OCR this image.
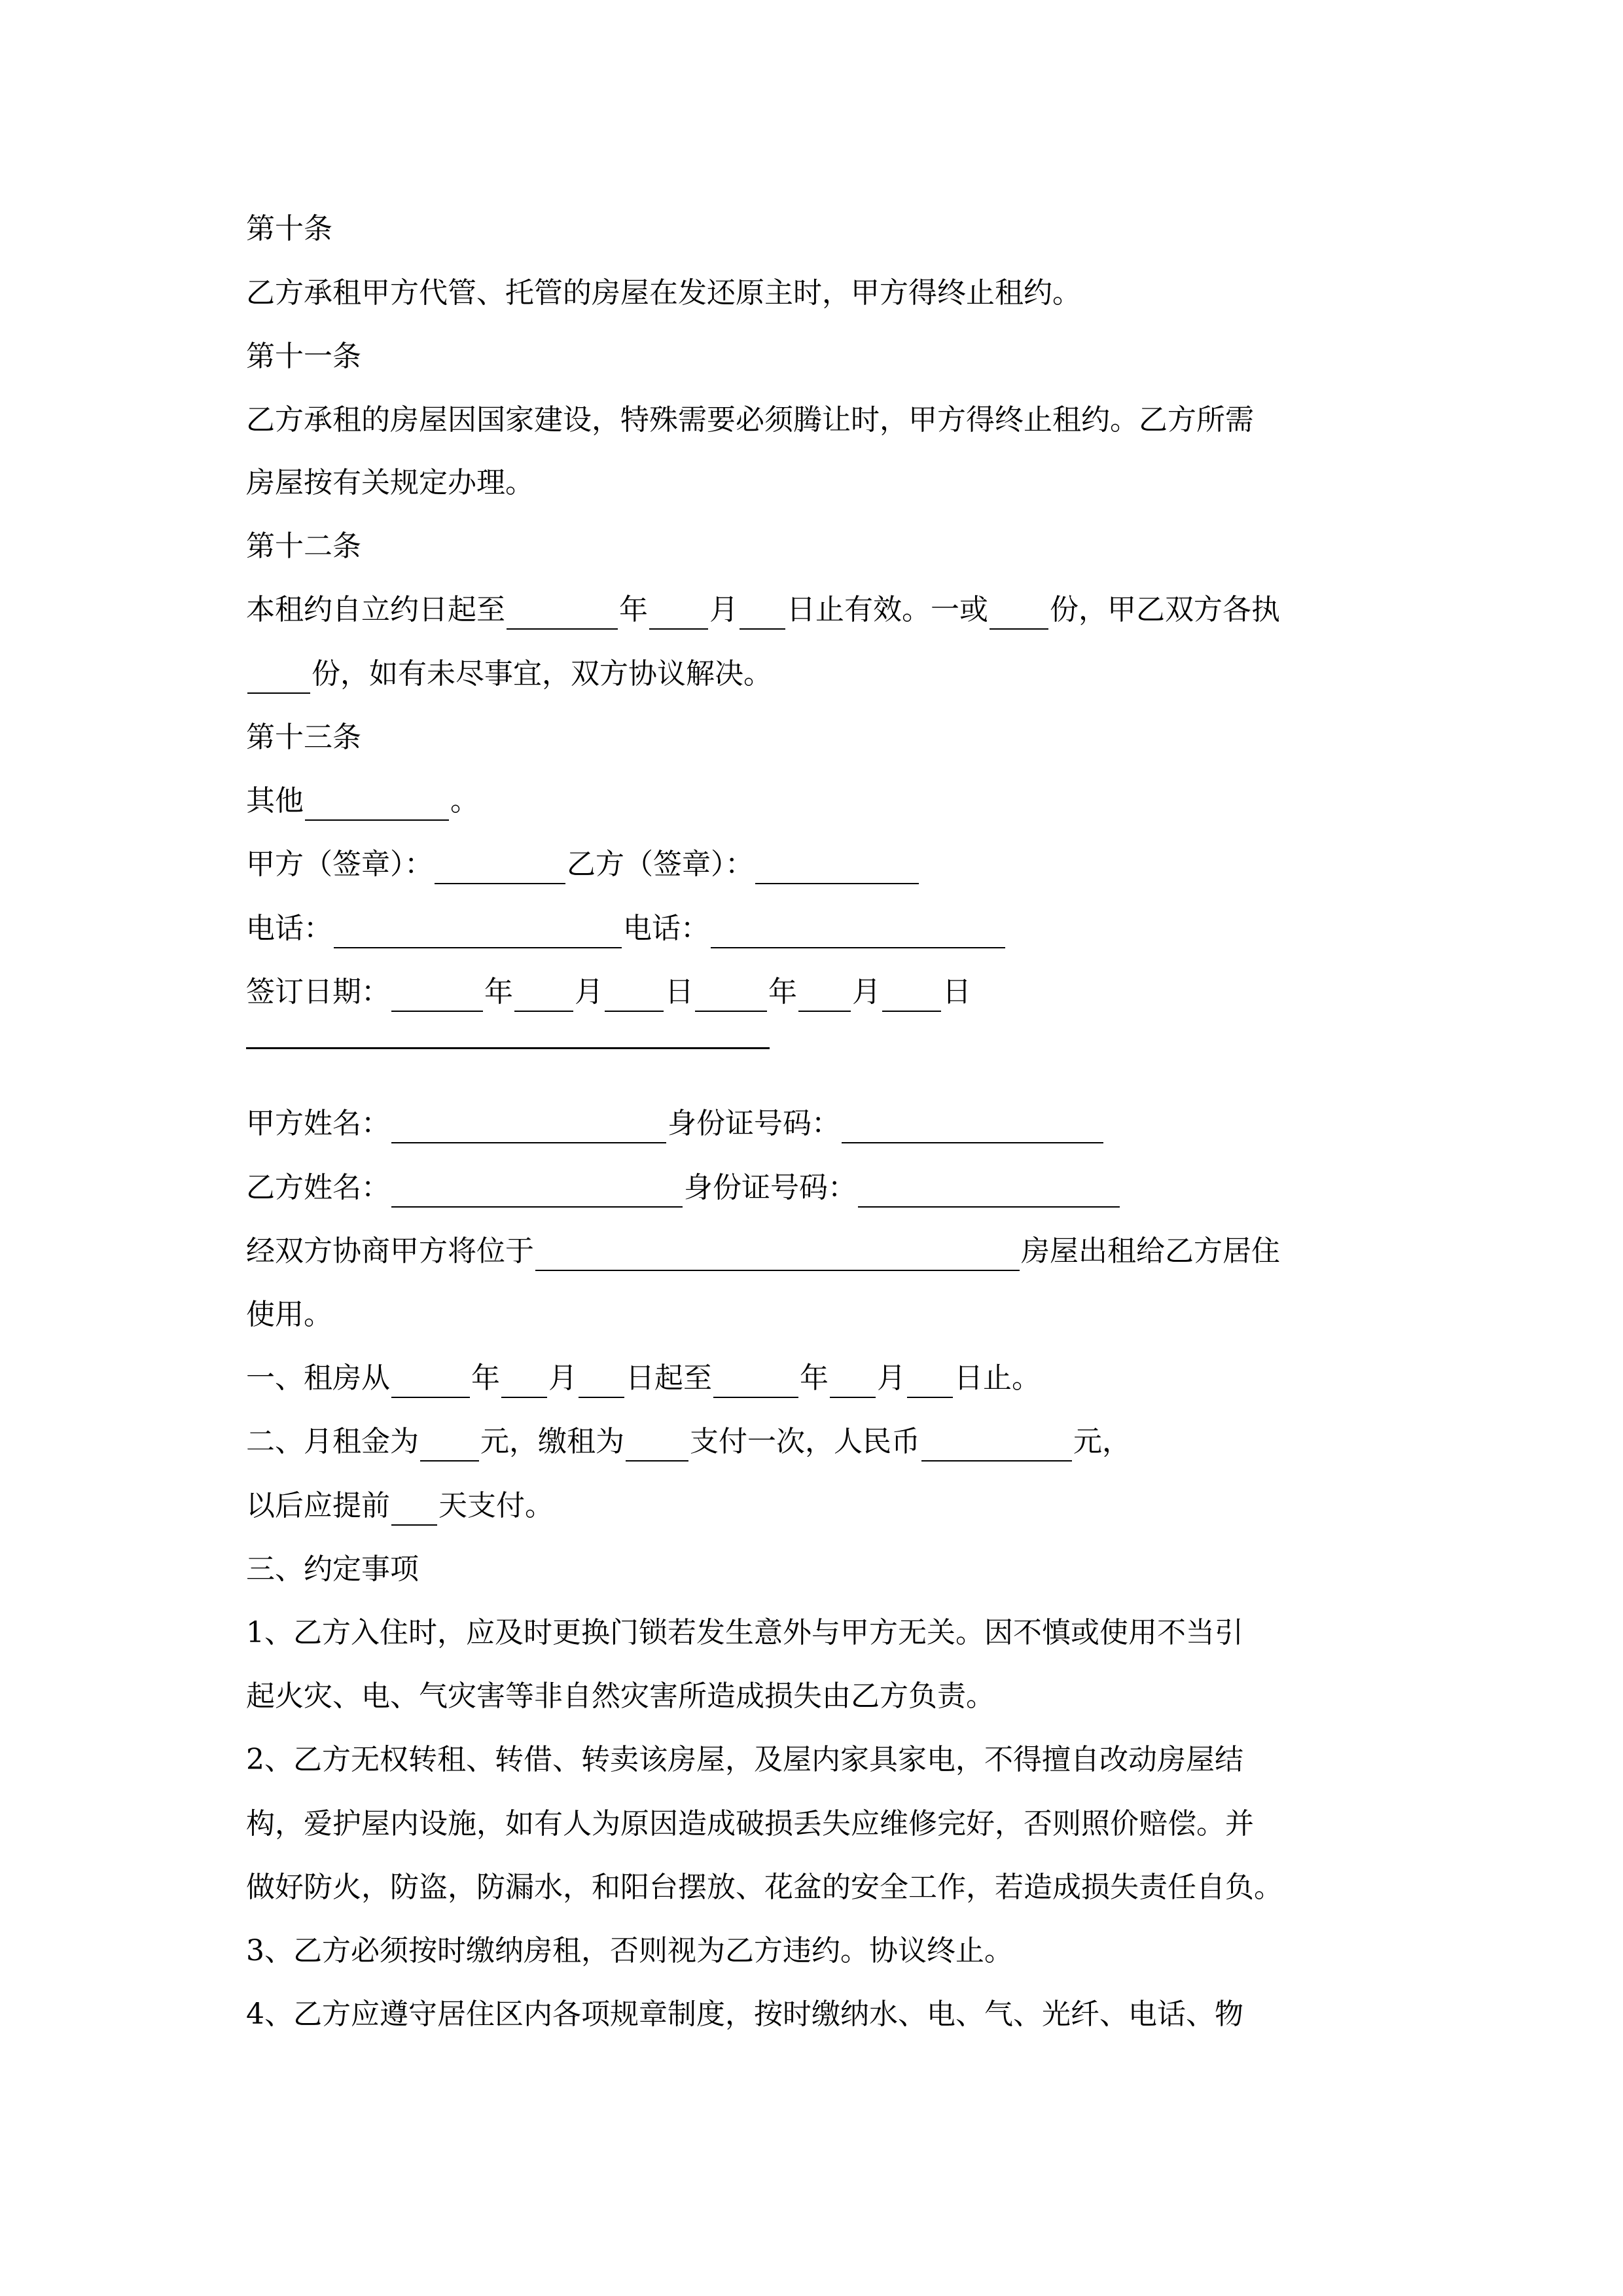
第十条
乙方承租甲方代管、托管的房屋在发还原主时，甲方得终止租约。
第十一条
乙方承租的房屋因国家建设，特殊需要必须腾让时，甲方得终止租约。乙方所需
房屋按有关规定办理。
第十二条
本租约自立约日起至	年 月 日止有效。一或 份，甲乙双方各执
份，如有未尽事宜，双方协议解决。
第十三条
其他	。
甲方（签章）：	乙方（签章）：
电话：	电话：
签订日期：	年 月 日	年 月 日
甲方姓名：	身份证号码：
乙方姓名：	身份证号码：
经双方协商甲方将位于	房屋出租给乙方居住
使用。
一、租房从	年 月 日起至	年 月 日止。
二、月租金为 元，缴租为 支付一次，人民币	元，
以后应提前 天支付。
三、约定事项
1、乙方入住时，应及时更换门锁若发生意外与甲方无关。因不慎或使用不当引
起火灾、电、气灾害等非自然灾害所造成损失由乙方负责。
2、乙方无权转租、转借、转卖该房屋，及屋内家具家电，不得擅自改动房屋结
构，爱护屋内设施，如有人为原因造成破损丢失应维修完好，否则照价赔偿。并
做好防火，防盗，防漏水，和阳台摆放、花盆的安全工作，若造成损失责任自负。
3、乙方必须按时缴纳房租，否则视为乙方违约。协议终止。
4、乙方应遵守居住区内各项规章制度，按时缴纳水、电、气、光纤、电话、物
